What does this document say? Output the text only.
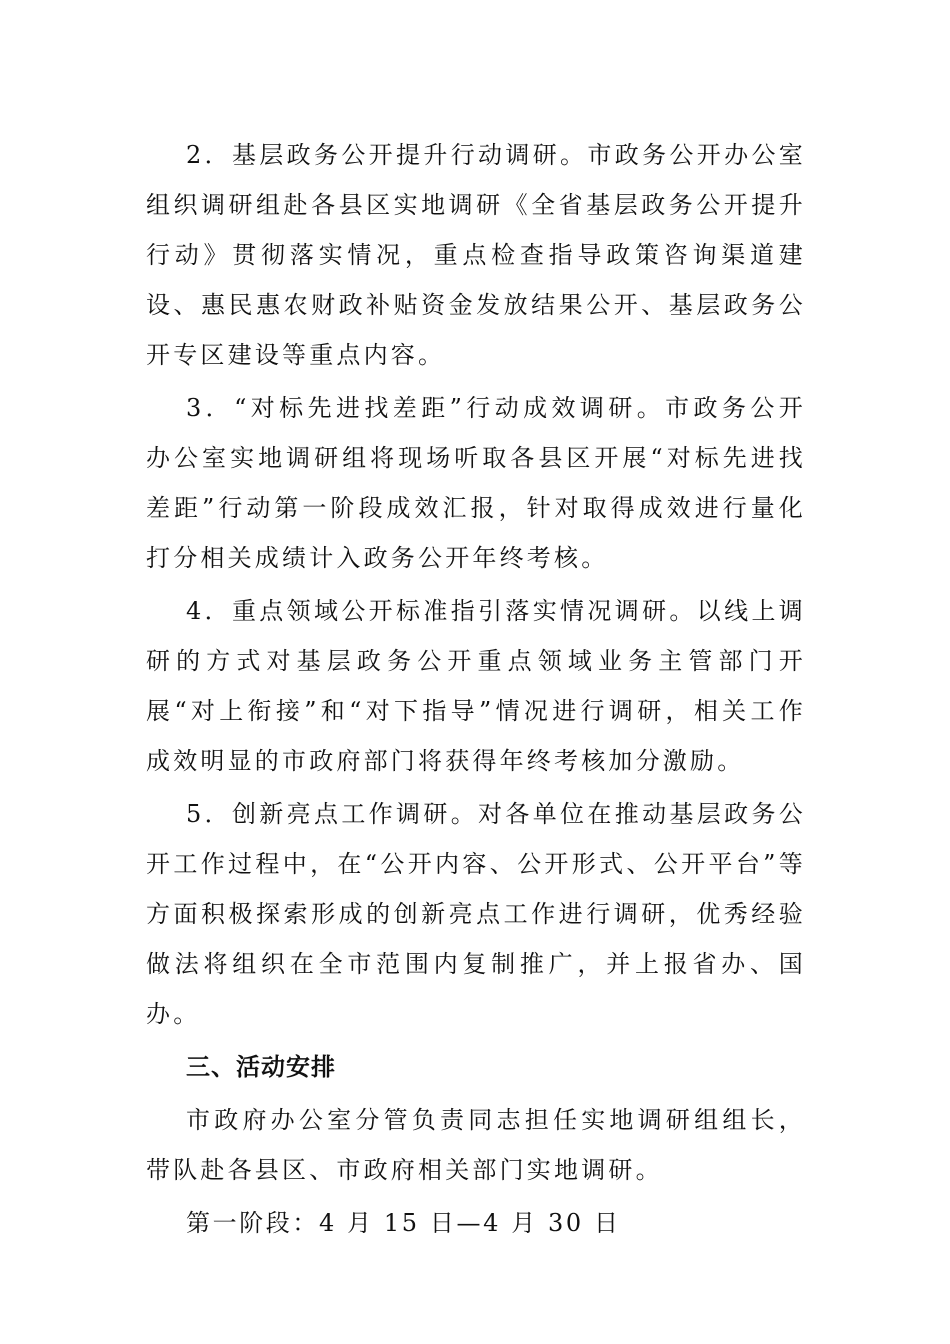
2．基层政务公开提升行动调研。市政务公开办公室组织调研组赴各县区实地调研《全省基层政务公开提升行动》贯彻落实情况，重点检查指导政策咨询渠道建设、惠民惠农财政补贴资金发放结果公开、基层政务公开专区建设等重点内容。

3．“对标先进找差距”行动成效调研。市政务公开办公室实地调研组将现场听取各县区开展“对标先进找差距”行动第一阶段成效汇报，针对取得成效进行量化打分相关成绩计入政务公开年终考核。

4．重点领域公开标准指引落实情况调研。以线上调研的方式对基层政务公开重点领域业务主管部门开展“对上衔接”和“对下指导”情况进行调研，相关工作成效明显的市政府部门将获得年终考核加分激励。

5．创新亮点工作调研。对各单位在推动基层政务公开工作过程中，在“公开内容、公开形式、公开平台”等方面积极探索形成的创新亮点工作进行调研，优秀经验做法将组织在全市范围内复制推广，并上报省办、国办。

三、活动安排

市政府办公室分管负责同志担任实地调研组组长，带队赴各县区、市政府相关部门实地调研。

第一阶段：4 月 15 日—4 月 30 日
